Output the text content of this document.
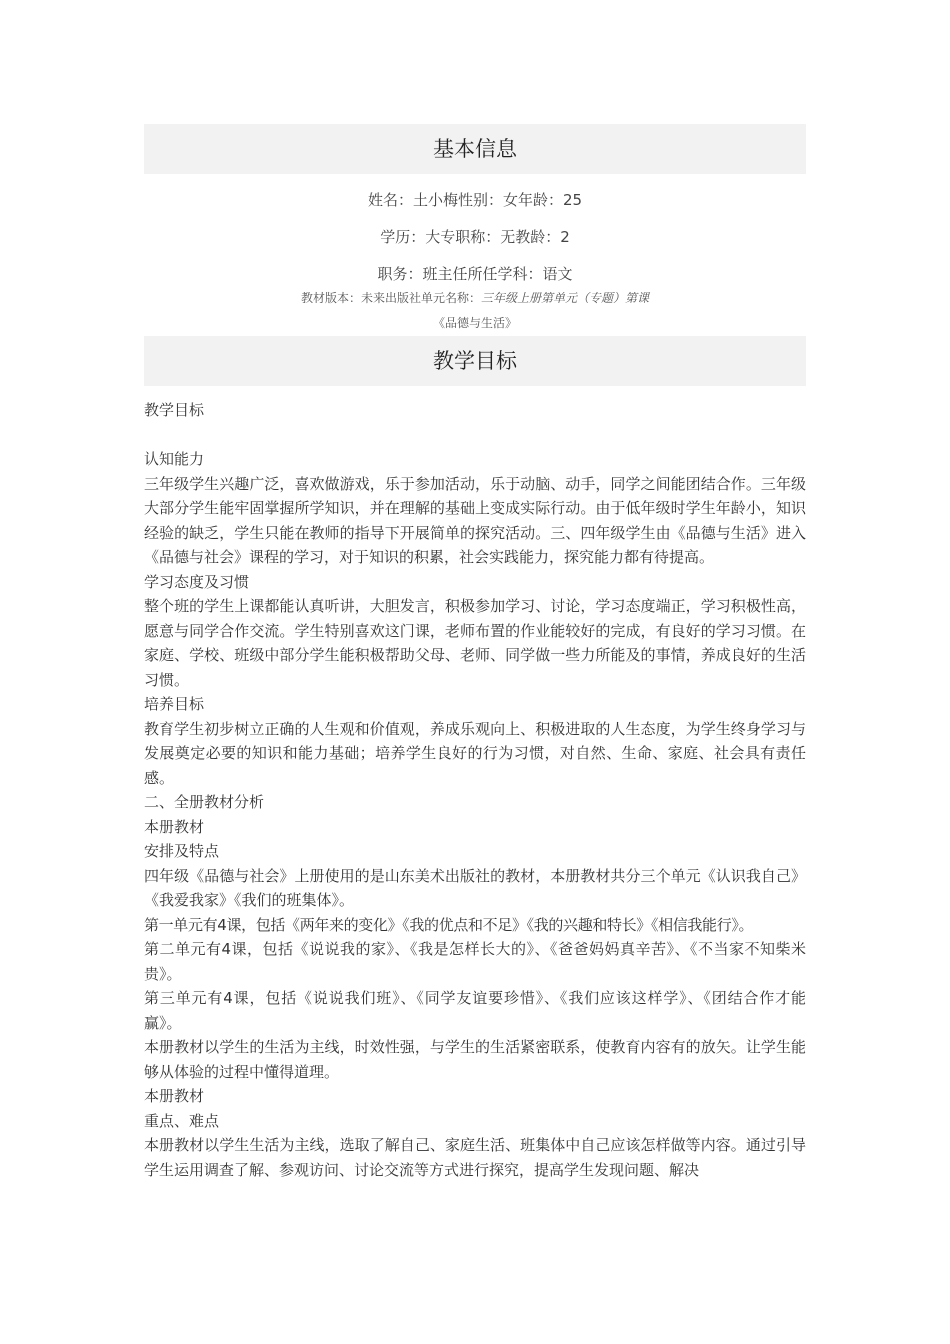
基本信息
姓名：土小梅性别：女年龄：25
学历：大专职称：无教龄：2
职务：班主任所任学科：语文
教材版本：未来出版社单元名称：三年级上册第单元（专题）第课
《品德与生活》
教学目标

教学目标

认知能力

三年级学生兴趣广泛，喜欢做游戏，乐于参加活动，乐于动脑、动手，同学之间能团结合作。三年级大部分学生能牢固掌握所学知识，并在理解的基础上变成实际行动。由于低年级时学生年龄小，知识经验的缺乏，学生只能在教师的指导下开展简单的探究活动。三、四年级学生由《品德与生活》进入《品德与社会》课程的学习，对于知识的积累，社会实践能力，探究能力都有待提高。

学习态度及习惯

整个班的学生上课都能认真听讲，大胆发言，积极参加学习、讨论，学习态度端正，学习积极性高，愿意与同学合作交流。学生特别喜欢这门课，老师布置的作业能较好的完成，有良好的学习习惯。在家庭、学校、班级中部分学生能积极帮助父母、老师、同学做一些力所能及的事情，养成良好的生活习惯。

培养目标

教育学生初步树立正确的人生观和价值观，养成乐观向上、积极进取的人生态度，为学生终身学习与发展奠定必要的知识和能力基础；培养学生良好的行为习惯，对自然、生命、家庭、社会具有责任感。

二、全册教材分析

本册教材

安排及特点

四年级《品德与社会》上册使用的是山东美术出版社的教材，本册教材共分三个单元《认识我自己》《我爱我家》《我们的班集体》。

第一单元有4课，包括《两年来的变化》《我的优点和不足》《我的兴趣和特长》《相信我能行》。

第二单元有4课，包括《说说我的家》、《我是怎样长大的》、《爸爸妈妈真辛苦》、《不当家不知柴米贵》。

第三单元有4课，包括《说说我们班》、《同学友谊要珍惜》、《我们应该这样学》、《团结合作才能赢》。

本册教材以学生的生活为主线，时效性强，与学生的生活紧密联系，使教育内容有的放矢。让学生能够从体验的过程中懂得道理。

本册教材

重点、难点

本册教材以学生生活为主线，选取了解自己、家庭生活、班集体中自己应该怎样做等内容。通过引导学生运用调查了解、参观访问、讨论交流等方式进行探究，提高学生发现问题、解决
